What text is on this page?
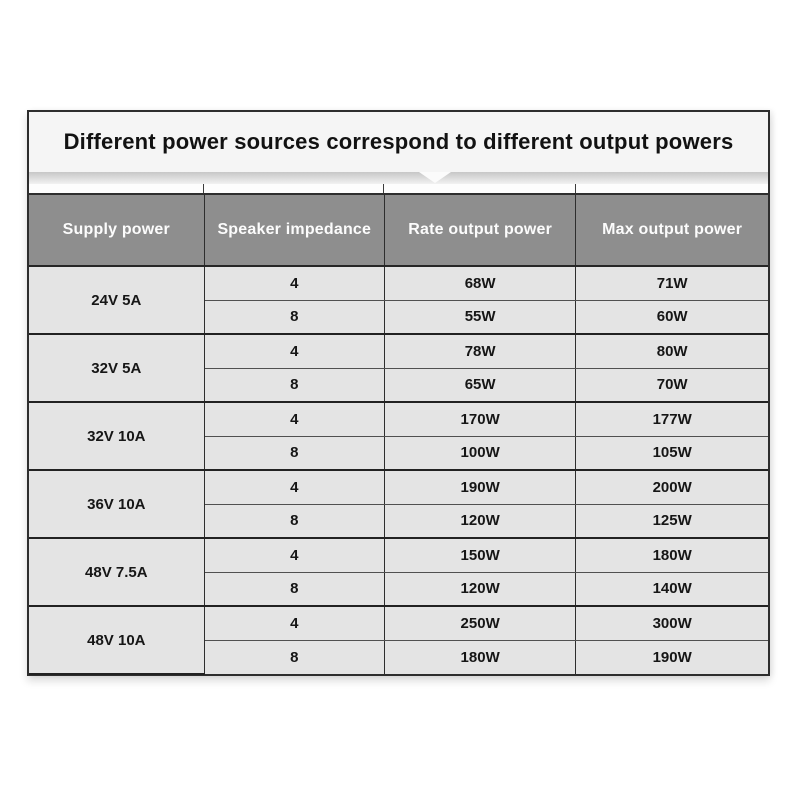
Different power sources correspond to different output powers
Supply power	Speaker impedance	Rate output power	Max output power
24V 5A	4	68W	71W
	8	55W	60W
32V 5A	4	78W	80W
	8	65W	70W
32V 10A	4	170W	177W
	8	100W	105W
36V 10A	4	190W	200W
	8	120W	125W
48V 7.5A	4	150W	180W
	8	120W	140W
48V 10A	4	250W	300W
	8	180W	190W
